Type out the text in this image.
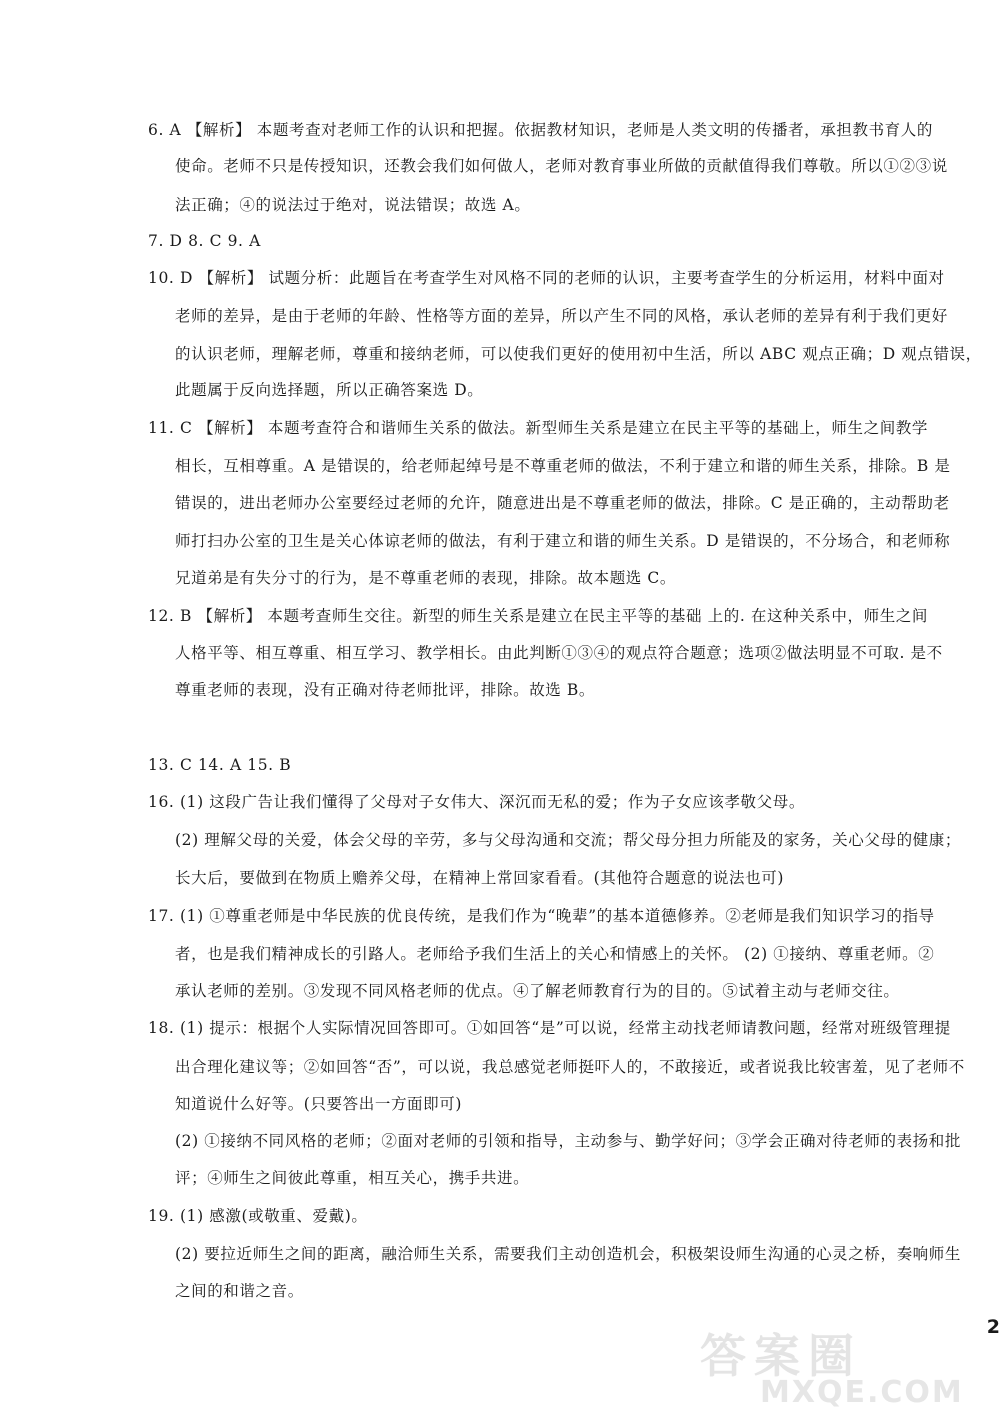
6. A 【解析】 本题考查对老师工作的认识和把握。依据教材知识，老师是人类文明的传播者，承担教书育人的
使命。老师不只是传授知识，还教会我们如何做人，老师对教育事业所做的贡献值得我们尊敬。所以①②③说
法正确；④的说法过于绝对，说法错误；故选 A。
7. D 8. C 9. A
10. D 【解析】 试题分析：此题旨在考查学生对风格不同的老师的认识，主要考查学生的分析运用，材料中面对
老师的差异，是由于老师的年龄、性格等方面的差异，所以产生不同的风格，承认老师的差异有利于我们更好
的认识老师，理解老师，尊重和接纳老师，可以使我们更好的使用初中生活，所以 ABC 观点正确；D 观点错误，
此题属于反向选择题，所以正确答案选 D。
11. C 【解析】 本题考查符合和谐师生关系的做法。新型师生关系是建立在民主平等的基础上，师生之间教学
相长，互相尊重。A 是错误的，给老师起绰号是不尊重老师的做法，不利于建立和谐的师生关系，排除。B 是
错误的，进出老师办公室要经过老师的允许，随意进出是不尊重老师的做法，排除。C 是正确的，主动帮助老
师打扫办公室的卫生是关心体谅老师的做法，有利于建立和谐的师生关系。D 是错误的，不分场合，和老师称
兄道弟是有失分寸的行为，是不尊重老师的表现，排除。故本题选 C。
12. B 【解析】 本题考查师生交往。新型的师生关系是建立在民主平等的基础 上的. 在这种关系中，师生之间
人格平等、相互尊重、相互学习、教学相长。由此判断①③④的观点符合题意；选项②做法明显不可取. 是不
尊重老师的表现，没有正确对待老师批评，排除。故选 B。
13. C 14. A 15. B
16. (1) 这段广告让我们懂得了父母对子女伟大、深沉而无私的爱；作为子女应该孝敬父母。
(2) 理解父母的关爱，体会父母的辛劳，多与父母沟通和交流；帮父母分担力所能及的家务，关心父母的健康；
长大后，要做到在物质上赡养父母，在精神上常回家看看。(其他符合题意的说法也可)
17. (1) ①尊重老师是中华民族的优良传统，是我们作为“晚辈”的基本道德修养。②老师是我们知识学习的指导
者，也是我们精神成长的引路人。老师给予我们生活上的关心和情感上的关怀。 (2) ①接纳、尊重老师。②
承认老师的差别。③发现不同风格老师的优点。④了解老师教育行为的目的。⑤试着主动与老师交往。
18. (1) 提示：根据个人实际情况回答即可。①如回答“是”可以说，经常主动找老师请教问题，经常对班级管理提
出合理化建议等；②如回答“否”，可以说，我总感觉老师挺吓人的，不敢接近，或者说我比较害羞，见了老师不
知道说什么好等。(只要答出一方面即可)
(2) ①接纳不同风格的老师；②面对老师的引领和指导，主动参与、勤学好问；③学会正确对待老师的表扬和批
评；④师生之间彼此尊重，相互关心，携手共进。
19. (1) 感激(或敬重、爱戴)。
(2) 要拉近师生之间的距离，融洽师生关系，需要我们主动创造机会，积极架设师生沟通的心灵之桥，奏响师生
之间的和谐之音。
2
答案圈
MXQE.COM
